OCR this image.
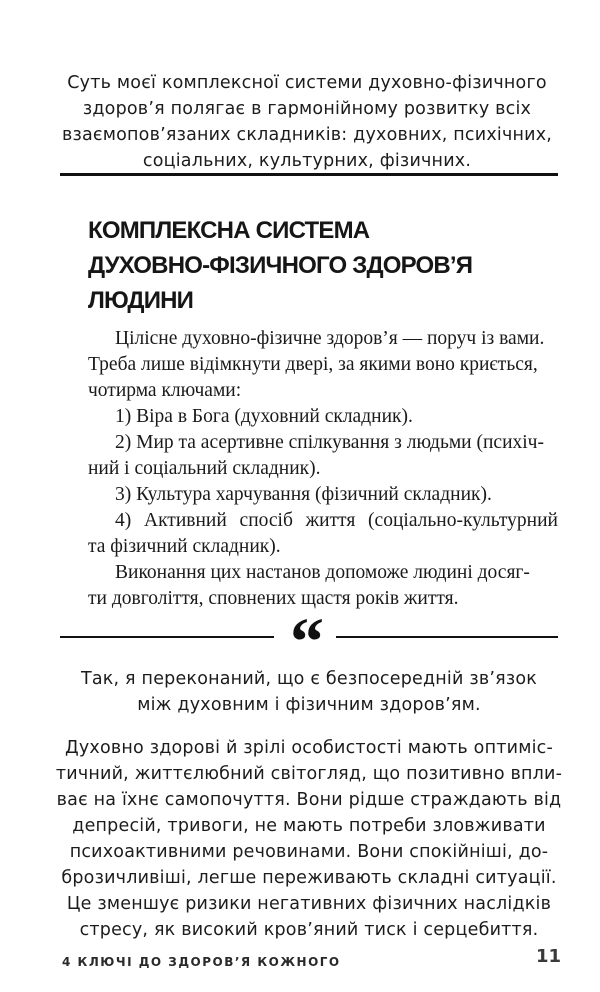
Суть моєї комплексної системи духовно-фізичного
здоров’я полягає в гармонійному розвитку всіх
взаємопов’язаних складників: духовних, психічних,
соціальних, культурних, фізичних.
КОМПЛЕКСНА СИСТЕМА
ДУХОВНО-ФІЗИЧНОГО ЗДОРОВ’Я
ЛЮДИНИ
Цілісне духовно-фізичне здоров’я — поруч із вами.
Треба лише відімкнути двері, за якими воно криється,
чотирма ключами:
1) Віра в Бога (духовний складник).
2) Мир та асертивне спілкування з людьми (психіч-
ний і соціальний складник).
3) Культура харчування (фізичний складник).
4) Активний спосіб життя (соціально-культурний
та фізичний складник).
Виконання цих настанов допоможе людині досяг-
ти довголіття, сповнених щастя років життя.
“
Так, я переконаний, що є безпосередній зв’язок
між духовним і фізичним здоров’ям.
Духовно здорові й зрілі особистості мають оптиміс-
тичний, життєлюбний світогляд, що позитивно впли-
ває на їхнє самопочуття. Вони рідше страждають від
депресій, тривоги, не мають потреби зловживати
психоактивними речовинами. Вони спокійніші, до-
брозичливіші, легше переживають складні ситуації.
Це зменшує ризики негативних фізичних наслідків
стресу, як високий кров’яний тиск і серцебиття.
4 КЛЮЧІ ДО ЗДОРОВ’Я КОЖНОГО	11
